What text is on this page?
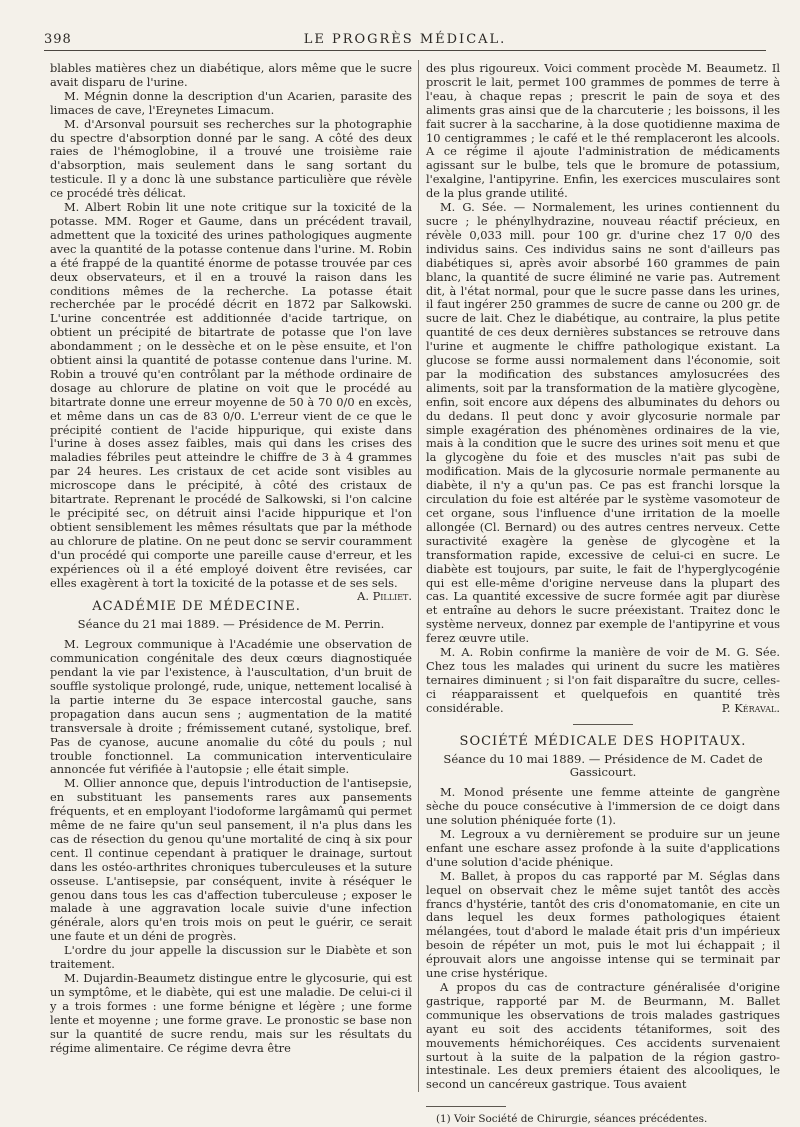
398	LE PROGRÈS MÉDICAL.

blables matières chez un diabétique, alors même que le sucre avait disparu de l'urine.

M. Mégnin donne la description d'un Acarien, parasite des limaces de cave, l'Ereynetes Limacum.

M. d'Arsonval poursuit ses recherches sur la photographie du spectre d'absorption donné par le sang. A côté des deux raies de l'hémoglobine, il a trouvé une troisième raie d'absorption, mais seulement dans le sang sortant du testicule. Il y a donc là une substance particulière que révèle ce procédé très délicat.

M. Albert Robin lit une note critique sur la toxicité de la potasse. MM. Roger et Gaume, dans un précédent travail, admettent que la toxicité des urines pathologiques augmente avec la quantité de la potasse contenue dans l'urine. M. Robin a été frappé de la quantité énorme de potasse trouvée par ces deux observateurs, et il en a trouvé la raison dans les conditions mêmes de la recherche. La potasse était recherchée par le procédé décrit en 1872 par Salkowski. L'urine concentrée est additionnée d'acide tartrique, on obtient un précipité de bitartrate de potasse que l'on lave abondamment ; on le dessèche et on le pèse ensuite, et l'on obtient ainsi la quantité de potasse contenue dans l'urine. M. Robin a trouvé qu'en contrôlant par la méthode ordinaire de dosage au chlorure de platine on voit que le procédé au bitartrate donne une erreur moyenne de 50 à 70 0/0 en excès, et même dans un cas de 83 0/0. L'erreur vient de ce que le précipité contient de l'acide hippurique, qui existe dans l'urine à doses assez faibles, mais qui dans les crises des maladies fébriles peut atteindre le chiffre de 3 à 4 grammes par 24 heures. Les cristaux de cet acide sont visibles au microscope dans le précipité, à côté des cristaux de bitartrate. Reprenant le procédé de Salkowski, si l'on calcine le précipité sec, on détruit ainsi l'acide hippurique et l'on obtient sensiblement les mêmes résultats que par la méthode au chlorure de platine. On ne peut donc se servir couramment d'un procédé qui comporte une pareille cause d'erreur, et les expériences où il a été employé doivent être revisées, car elles exagèrent à tort la toxicité de la potasse et de ses sels.
A. Pilliet.

ACADÉMIE DE MÉDECINE.
Séance du 21 mai 1889. — Présidence de M. Perrin.

M. Legroux communique à l'Académie une observation de communication congénitale des deux cœurs diagnostiquée pendant la vie par l'existence, à l'auscultation, d'un bruit de souffle systolique prolongé, rude, unique, nettement localisé à la partie interne du 3e espace intercostal gauche, sans propagation dans aucun sens ; augmentation de la matité transversale à droite ; frémissement cutané, systolique, bref. Pas de cyanose, aucune anomalie du côté du pouls ; nul trouble fonctionnel. La communication interventiculaire annoncée fut vérifiée à l'autopsie ; elle était simple.

M. Ollier annonce que, depuis l'introduction de l'antisepsie, en substituant les pansements rares aux pansements fréquents, et en employant l'iodoforme largâmamû qui permet même de ne faire qu'un seul pansement, il n'a plus dans les cas de résection du genou qu'une mortalité de cinq à six pour cent. Il continue cependant à pratiquer le drainage, surtout dans les ostéo-arthrites chroniques tuberculeuses et la suture osseuse. L'antisepsie, par conséquent, invite à réséquer le genou dans tous les cas d'affection tuberculeuse ; exposer le malade à une aggravation locale suivie d'une infection générale, alors qu'en trois mois on peut le guérir, ce serait une faute et un déni de progrès.

L'ordre du jour appelle la discussion sur le Diabète et son traitement.

M. Dujardin-Beaumetz distingue entre le glycosurie, qui est un symptôme, et le diabète, qui est une maladie. De celui-ci il y a trois formes : une forme bénigne et légère ; une forme lente et moyenne ; une forme grave. Le pronostic se base non sur la quantité de sucre rendu, mais sur les résultats du régime alimentaire. Ce régime devra être

des plus rigoureux. Voici comment procède M. Beaumetz. Il proscrit le lait, permet 100 grammes de pommes de terre à l'eau, à chaque repas ; prescrit le pain de soya et des aliments gras ainsi que de la charcuterie ; les boissons, il les fait sucrer à la saccharine, à la dose quotidienne maxima de 10 centigrammes ; le café et le thé remplaceront les alcools. A ce régime il ajoute l'administration de médicaments agissant sur le bulbe, tels que le bromure de potassium, l'exalgine, l'antipyrine. Enfin, les exercices musculaires sont de la plus grande utilité.

M. G. Sée. — Normalement, les urines contiennent du sucre ; le phénylhydrazine, nouveau réactif précieux, en révèle 0,033 mill. pour 100 gr. d'urine chez 17 0/0 des individus sains. Ces individus sains ne sont d'ailleurs pas diabétiques si, après avoir absorbé 160 grammes de pain blanc, la quantité de sucre éliminé ne varie pas. Autrement dit, à l'état normal, pour que le sucre passe dans les urines, il faut ingérer 250 grammes de sucre de canne ou 200 gr. de sucre de lait. Chez le diabétique, au contraire, la plus petite quantité de ces deux dernières substances se retrouve dans l'urine et augmente le chiffre pathologique existant. La glucose se forme aussi normalement dans l'économie, soit par la modification des substances amylosucrées des aliments, soit par la transformation de la matière glycogène, enfin, soit encore aux dépens des albuminates du dehors ou du dedans. Il peut donc y avoir glycosurie normale par simple exagération des phénomènes ordinaires de la vie, mais à la condition que le sucre des urines soit menu et que la glycogène du foie et des muscles n'ait pas subi de modification. Mais de la glycosurie normale permanente au diabète, il n'y a qu'un pas. Ce pas est franchi lorsque la circulation du foie est altérée par le système vasomoteur de cet organe, sous l'influence d'une irritation de la moelle allongée (Cl. Bernard) ou des autres centres nerveux. Cette suractivité exagère la genèse de glycogène et la transformation rapide, excessive de celui-ci en sucre. Le diabète est toujours, par suite, le fait de l'hyperglycogénie qui est elle-même d'origine nerveuse dans la plupart des cas. La quantité excessive de sucre formée agit par diurèse et entraîne au dehors le sucre préexistant. Traitez donc le système nerveux, donnez par exemple de l'antipyrine et vous ferez œuvre utile.

M. A. Robin confirme la manière de voir de M. G. Sée. Chez tous les malades qui urinent du sucre les matières ternaires diminuent ; si l'on fait disparaître du sucre, celles-ci réapparaissent et quelquefois en quantité très considérable.	P. Kéraval.

SOCIÉTÉ MÉDICALE DES HOPITAUX.
Séance du 10 mai 1889. — Présidence de M. Cadet de Gassicourt.

M. Monod présente une femme atteinte de gangrène sèche du pouce consécutive à l'immersion de ce doigt dans une solution phéniquée forte (1).

M. Legroux a vu dernièrement se produire sur un jeune enfant une eschare assez profonde à la suite d'applications d'une solution d'acide phénique.

M. Ballet, à propos du cas rapporté par M. Séglas dans lequel on observait chez le même sujet tantôt des accès francs d'hystérie, tantôt des cris d'onomatomanie, en cite un dans lequel les deux formes pathologiques étaient mélangées, tout d'abord le malade était pris d'un impérieux besoin de répéter un mot, puis le mot lui échappait ; il éprouvait alors une angoisse intense qui se terminait par une crise hystérique.

A propos du cas de contracture généralisée d'origine gastrique, rapporté par M. de Beurmann, M. Ballet communique les observations de trois malades gastriques ayant eu soit des accidents tétaniformes, soit des mouvements hémichoréiques. Ces accidents survenaient surtout à la suite de la palpation de la région gastro-intestinale. Les deux premiers étaient des alcooliques, le second un cancéreux gastrique. Tous avaient

(1) Voir Société de Chirurgie, séances précédentes.
